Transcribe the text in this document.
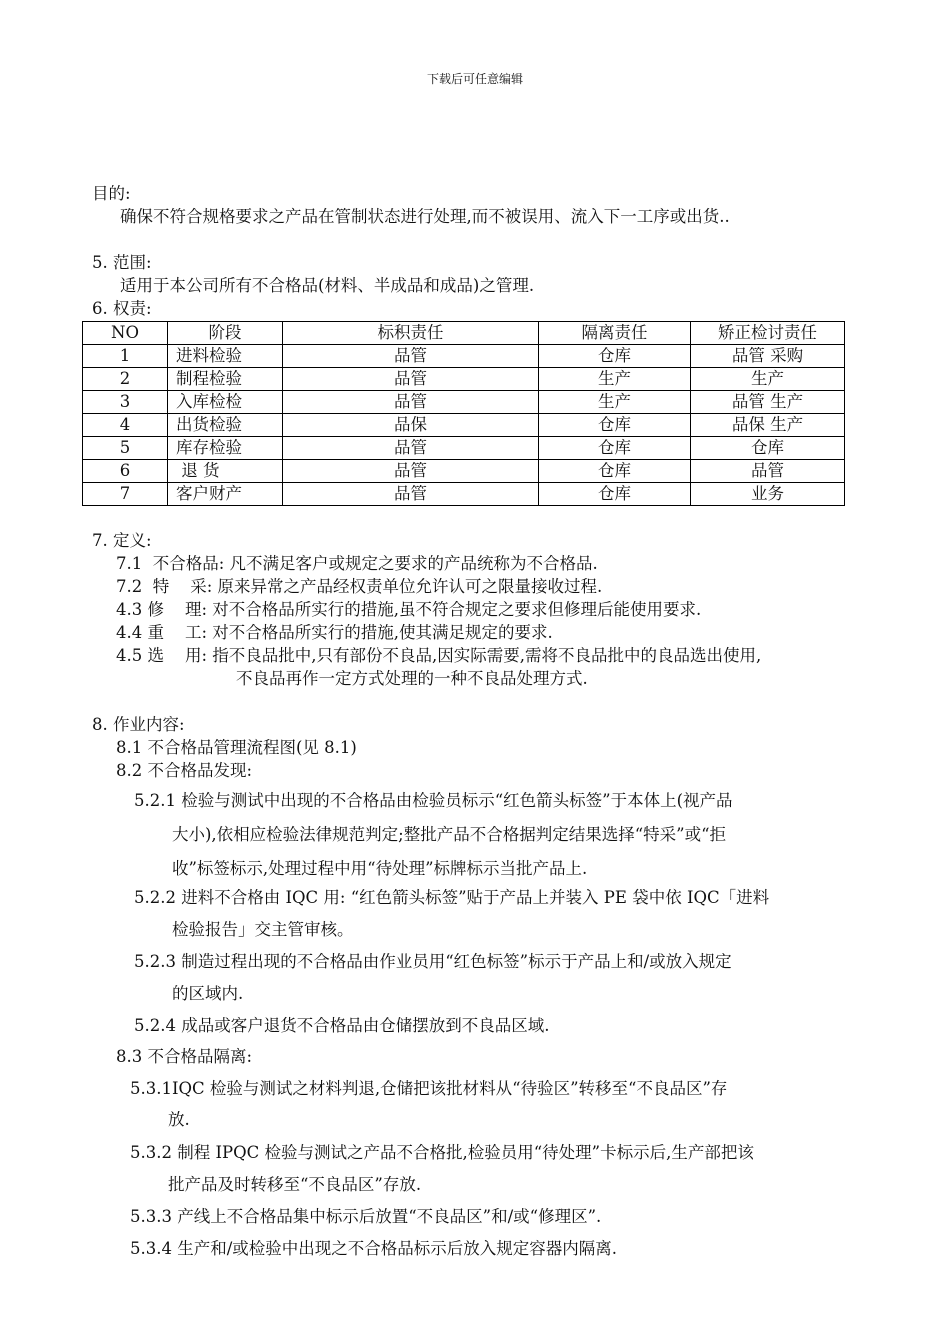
下载后可任意编辑
目的:
确保不符合规格要求之产品在管制状态进行处理,而不被误用、流入下一工序或出货..
5. 范围:
适用于本公司所有不合格品(材料、半成品和成品)之管理.
6. 权责:
NO	阶段	标积责任	隔离责任	矫正检讨责任
1	进料检验	品管	仓库	品管 采购
2	制程检验	品管	生产	生产
3	入库检检	品管	生产	品管 生产
4	出货检验	品保	仓库	品保 生产
5	库存检验	品管	仓库	仓库
6	退 货	品管	仓库	品管
7	客户财产	品管	仓库	业务
7. 定义:
7.1  不合格品: 凡不满足客户或规定之要求的产品统称为不合格品.
7.2  特    采: 原来异常之产品经权责单位允许认可之限量接收过程.
4.3 修    理: 对不合格品所实行的措施,虽不符合规定之要求但修理后能使用要求.
4.4 重    工: 对不合格品所实行的措施,使其满足规定的要求.
4.5 选    用: 指不良品批中,只有部份不良品,因实际需要,需将不良品批中的良品选出使用,
不良品再作一定方式处理的一种不良品处理方式.
8. 作业内容:
8.1 不合格品管理流程图(见 8.1)
8.2 不合格品发现:
5.2.1 检验与测试中出现的不合格品由检验员标示“红色箭头标签”于本体上(视产品
大小),依相应检验法律规范判定;整批产品不合格据判定结果选择“特采”或“拒
收”标签标示,处理过程中用“待处理”标牌标示当批产品上.
5.2.2 进料不合格由 IQC 用: “红色箭头标签”贴于产品上并装入 PE 袋中依 IQC「进料
检验报告」交主管审核。
5.2.3 制造过程出现的不合格品由作业员用“红色标签”标示于产品上和/或放入规定
的区域内.
5.2.4 成品或客户退货不合格品由仓储摆放到不良品区域.
8.3 不合格品隔离:
5.3.1IQC 检验与测试之材料判退,仓储把该批材料从“待验区”转移至“不良品区”存
放.
5.3.2 制程 IPQC 检验与测试之产品不合格批,检验员用“待处理”卡标示后,生产部把该
批产品及时转移至“不良品区”存放.
5.3.3 产线上不合格品集中标示后放置“不良品区”和/或“修理区”.
5.3.4 生产和/或检验中出现之不合格品标示后放入规定容器内隔离.
